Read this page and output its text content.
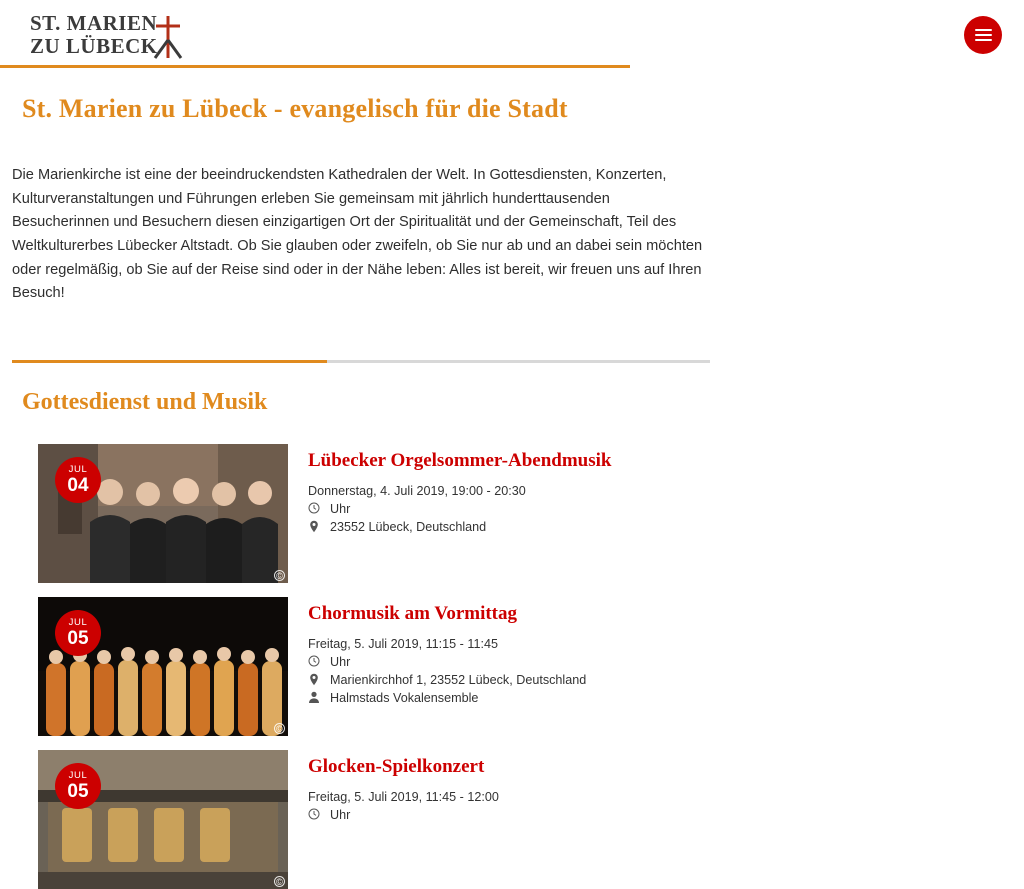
ST. MARIEN
ZU LÜBECK
St. Marien zu Lübeck - evangelisch für die Stadt

Die Marienkirche ist eine der beeindruckendsten Kathedralen der Welt. In Gottesdiensten, Konzerten, Kulturveranstaltungen und Führungen erleben Sie gemeinsam mit jährlich hunderttausenden Besucherinnen und Besuchern diesen einzigartigen Ort der Spiritualität und der Gemeinschaft, Teil des Weltkulturerbes Lübecker Altstadt. Ob Sie glauben oder zweifeln, ob Sie nur ab und an dabei sein möchten oder regelmäßig, ob Sie auf der Reise sind oder in der Nähe leben: Alles ist bereit, wir freuen uns auf Ihren Besuch!

Gottesdienst und Musik
JUL
04
©
Lübecker Orgelsommer-Abendmusik
Donnerstag, 4. Juli 2019, 19:00 - 20:30
Uhr
23552 Lübeck, Deutschland
JUL
05
©
Chormusik am Vormittag
Freitag, 5. Juli 2019, 11:15 - 11:45
Uhr
Marienkirchhof 1, 23552 Lübeck, Deutschland
Halmstads Vokalensemble
JUL
05
©
Glocken-Spielkonzert
Freitag, 5. Juli 2019, 11:45 - 12:00
Uhr
